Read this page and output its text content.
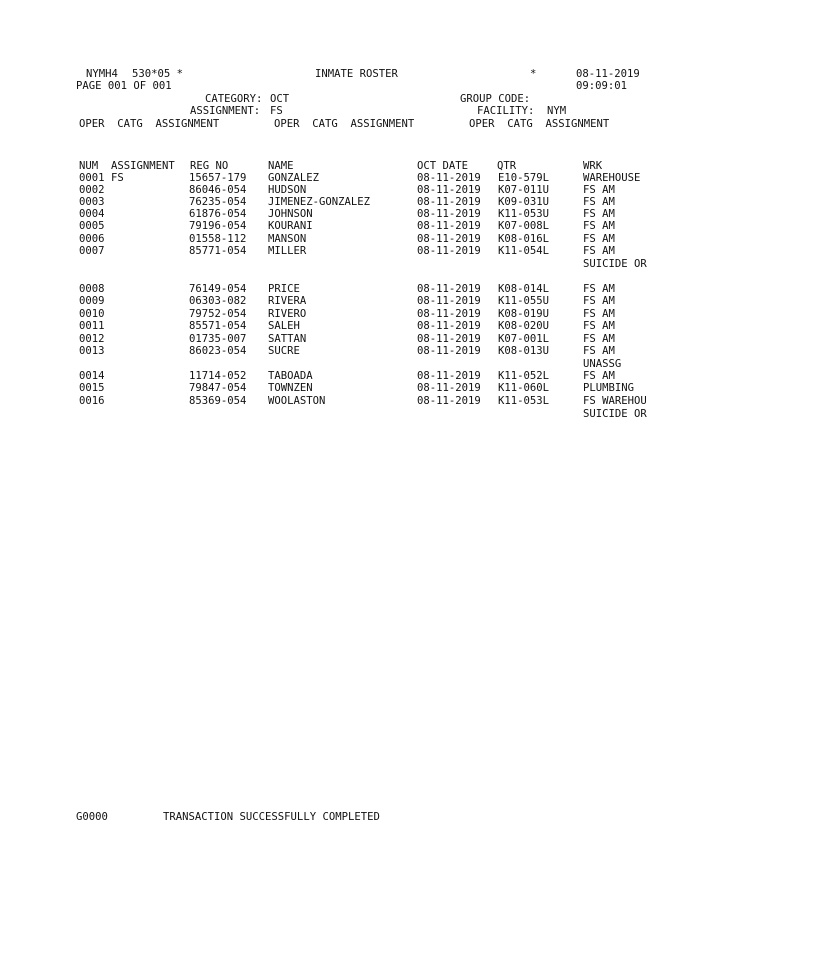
NYMH4 530*05 *	INMATE ROSTER	*	08-11-2019
PAGE 001 OF 001	09:09:01
CATEGORY: OCT	GROUP CODE:
ASSIGNMENT: FS	FACILITY: NYM
OPER  CATG  ASSIGNMENT	OPER  CATG  ASSIGNMENT	OPER  CATG  ASSIGNMENT
NUM ASSIGNMENT REG NO	NAME	OCT DATE	QTR	WRK
0001 FS	15657-179 GONZALEZ	08-11-2019 E10-579L	WAREHOUSE
0002	86046-054 HUDSON	08-11-2019 K07-011U	FS AM
0003	76235-054 JIMENEZ-GONZALEZ	08-11-2019 K09-031U	FS AM
0004	61876-054 JOHNSON	08-11-2019 K11-053U	FS AM
0005	79196-054 KOURANI	08-11-2019 K07-008L	FS AM
0006	01558-112 MANSON	08-11-2019 K08-016L	FS AM
0007	85771-054 MILLER	08-11-2019 K11-054L	FS AM
SUICIDE OR
0008	76149-054 PRICE	08-11-2019 K08-014L	FS AM
0009	06303-082 RIVERA	08-11-2019 K11-055U	FS AM
0010	79752-054 RIVERO	08-11-2019 K08-019U	FS AM
0011	85571-054 SALEH	08-11-2019 K08-020U	FS AM
0012	01735-007 SATTAN	08-11-2019 K07-001L	FS AM
0013	86023-054 SUCRE	08-11-2019 K08-013U	FS AM
UNASSG
0014	11714-052 TABOADA	08-11-2019 K11-052L	FS AM
0015	79847-054 TOWNZEN	08-11-2019 K11-060L	PLUMBING
0016	85369-054 WOOLASTON	08-11-2019 K11-053L	FS WAREHOU
SUICIDE OR
G0000	TRANSACTION SUCCESSFULLY COMPLETED
